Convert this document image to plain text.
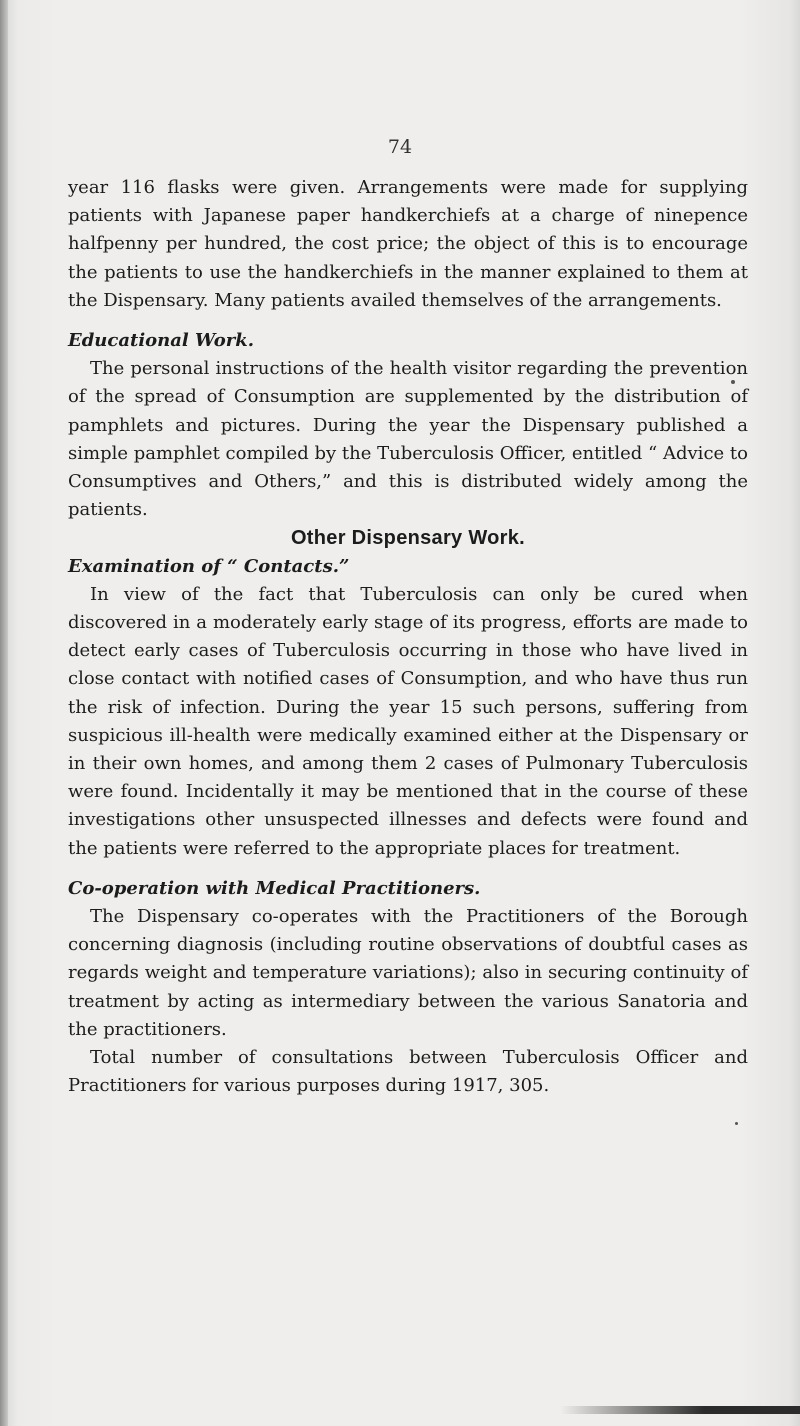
74

year 116 flasks were given. Arrangements were made for supplying patients with Japanese paper handkerchiefs at a charge of ninepence halfpenny per hundred, the cost price; the object of this is to encourage the patients to use the handkerchiefs in the manner explained to them at the Dispensary. Many patients availed themselves of the arrangements.

Educational Work.

The personal instructions of the health visitor regarding the prevention of the spread of Consumption are supplemented by the distribution of pamphlets and pictures. During the year the Dispensary published a simple pamphlet compiled by the Tuberculosis Officer, entitled “ Advice to Consumptives and Others,” and this is distributed widely among the patients.

Other Dispensary Work.

Examination of “ Contacts.”

In view of the fact that Tuberculosis can only be cured when discovered in a moderately early stage of its progress, efforts are made to detect early cases of Tuberculosis occurring in those who have lived in close contact with notified cases of Consumption, and who have thus run the risk of infection. During the year 15 such persons, suffering from suspicious ill-health were medically examined either at the Dispensary or in their own homes, and among them 2 cases of Pulmonary Tuberculosis were found. Incidentally it may be mentioned that in the course of these investigations other unsuspected illnesses and defects were found and the patients were referred to the appropriate places for treatment.

Co-operation with Medical Practitioners.

The Dispensary co-operates with the Practitioners of the Borough concerning diagnosis (including routine observations of doubtful cases as regards weight and temperature variations); also in securing continuity of treatment by acting as intermediary between the various Sanatoria and the practitioners.

Total number of consultations between Tuberculosis Officer and Practitioners for various purposes during 1917, 305.
